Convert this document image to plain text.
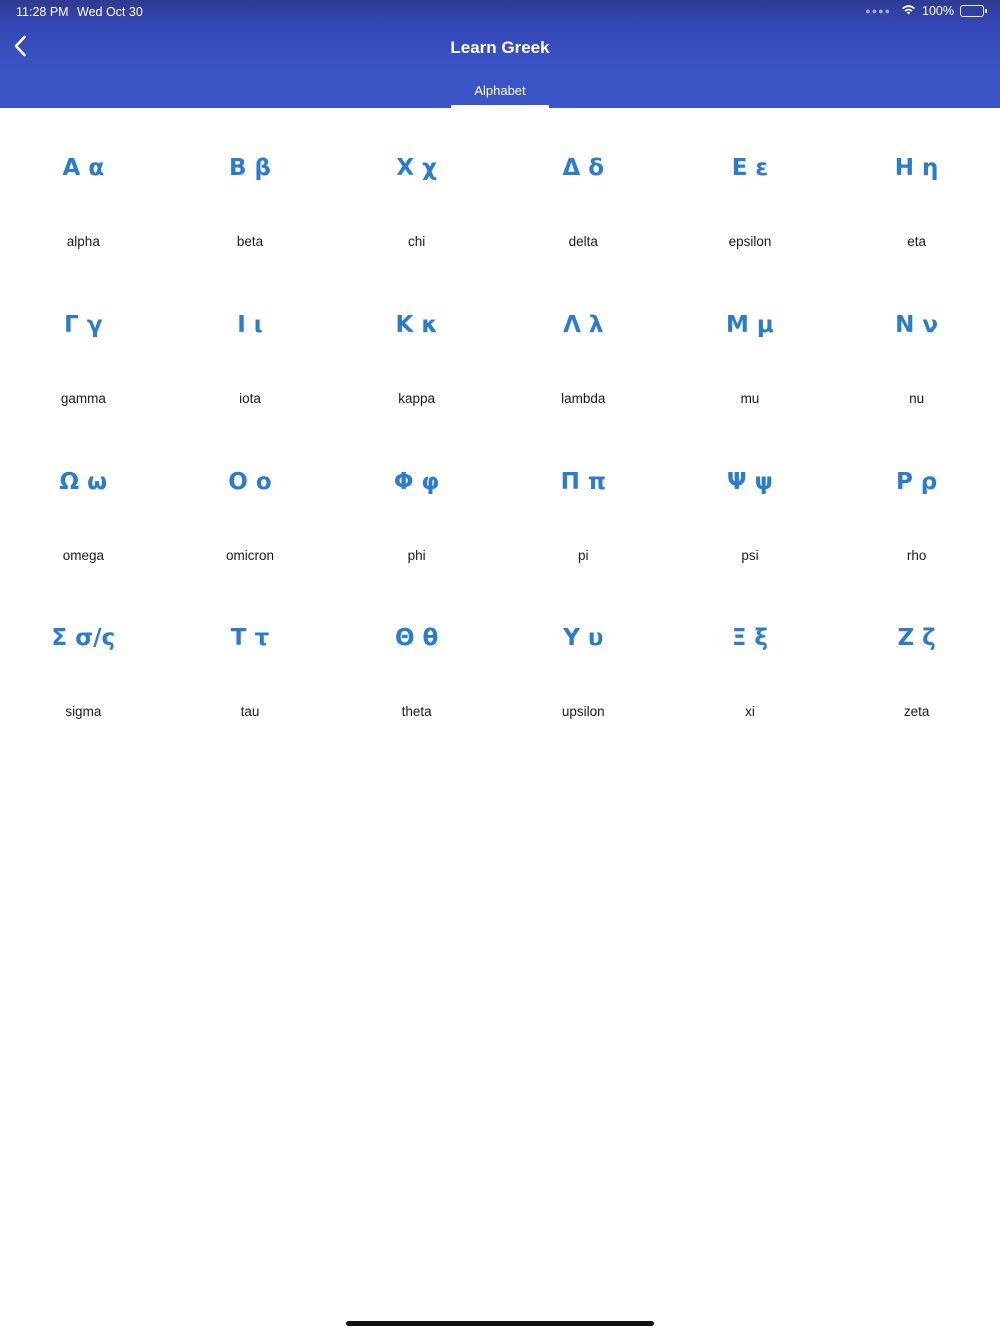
11:28 PM Wed Oct 30	●●●● 100%
Learn Greek
Alphabet
Α α
alpha
Β β
beta
Χ χ
chi
Δ δ
delta
Ε ε
epsilon
Η η
eta
Γ γ
gamma
Ι ι
iota
Κ κ
kappa
Λ λ
lambda
Μ μ
mu
Ν ν
nu
Ω ω
omega
Ο ο
omicron
Φ φ
phi
Π π
pi
Ψ ψ
psi
Ρ ρ
rho
Σ σ/ς
sigma
Τ τ
tau
Θ θ
theta
Υ υ
upsilon
Ξ ξ
xi
Ζ ζ
zeta
